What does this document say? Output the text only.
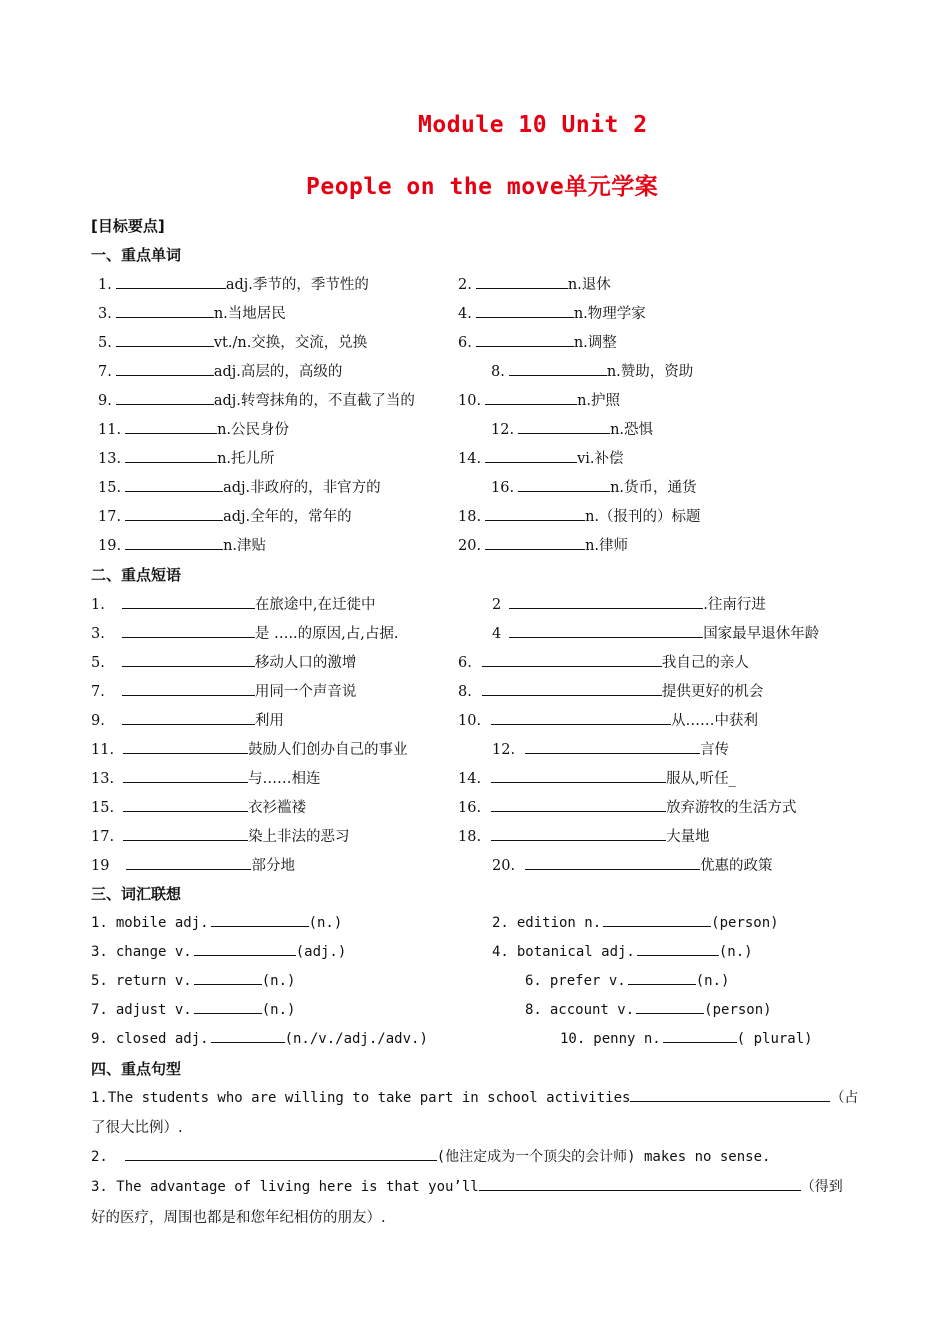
Module 10 Unit 2
People on the move单元学案
[目标要点]
一、重点单词
1.	adj.季节的，季节性的	2.	n.退休
3.	n.当地居民	4.	n.物理学家
5.	vt./n.交换，交流，兑换	6.	n.调整
7.	adj.高层的，高级的	8.	n.赞助，资助
9.	adj.转弯抹角的，不直截了当的	10.	n.护照
11.	n.公民身份	12.	n.恐惧
13.	n.托儿所	14.	vi.补偿
15.	adj.非政府的，非官方的	16.	n.货币，通货
17.	adj.全年的，常年的	18.	n.（报刊的）标题
19.	n.津贴	20.	n.律师
1.	在旅途中,在迁徙中	2	.往南行进
3.	是 …..的原因,占,占据.	4	国家最早退休年龄
5.	移动人口的激增	6.	我自己的亲人
7.	用同一个声音说	8.	提供更好的机会
9.	利用	10.	从……中获利
11.	鼓励人们创办自己的事业	12.	言传
13.	与……相连	14.	服从,听任_
15.	衣衫褴褛	16.	放弃游牧的生活方式
17.	染上非法的恶习	18.	大量地
19	部分地	20.	优惠的政策
1. mobile adj.	(n.)	2. edition n.	(person)
3. change v.	(adj.)	4. botanical adj.	(n.)
5. return v.	(n.)	6. prefer v.	(n.)
7. adjust v.	(n.)	8. account v.	(person)
9. closed adj.	(n./v./adj./adv.)	10. penny n.	( plural)
二、重点短语
三、词汇联想
四、重点句型
1.The students who are willing to take part in school activities	（占
了很大比例）.
2.	(他注定成为一个顶尖的会计师) makes no sense.
3. The advantage of living here is that you’ll	（得到
好的医疗，周围也都是和您年纪相仿的朋友）.
